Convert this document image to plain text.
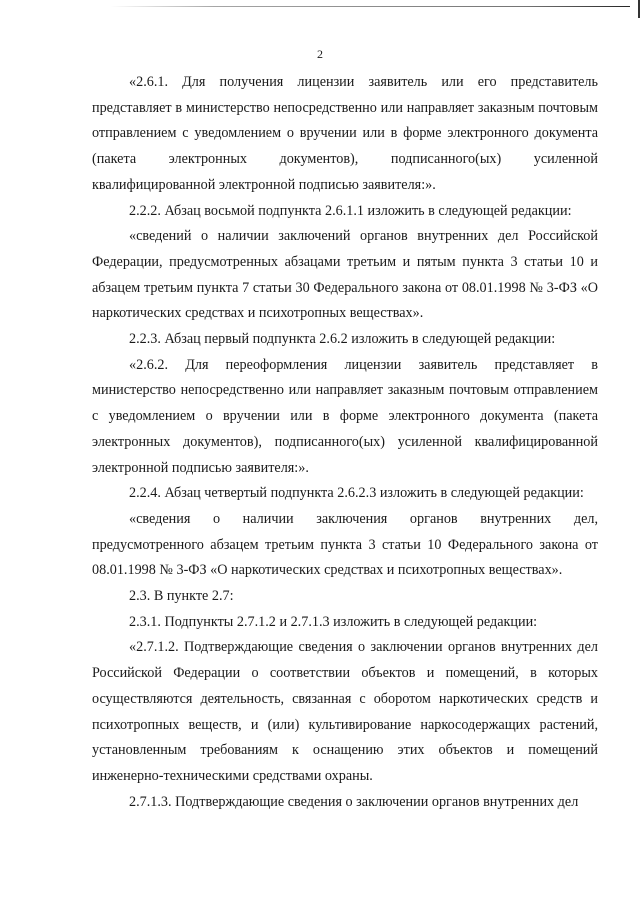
2

«2.6.1. Для получения лицензии заявитель или его представитель представляет в министерство непосредственно или направляет заказным почтовым отправлением с уведомлением о вручении или в форме электронного документа (пакета электронных документов), подписанного(ых) усиленной квалифицированной электронной подписью заявителя:».

2.2.2. Абзац восьмой подпункта 2.6.1.1 изложить в следующей редакции:

«сведений о наличии заключений органов внутренних дел Российской Федерации, предусмотренных абзацами третьим и пятым пункта 3 статьи 10 и абзацем третьим пункта 7 статьи 30 Федерального закона от 08.01.1998 № 3-ФЗ «О наркотических средствах и психотропных веществах».

2.2.3. Абзац первый подпункта 2.6.2 изложить в следующей редакции:

«2.6.2. Для переоформления лицензии заявитель представляет в министерство непосредственно или направляет заказным почтовым отправлением с уведомлением о вручении или в форме электронного документа (пакета электронных документов), подписанного(ых) усиленной квалифицированной электронной подписью заявителя:».

2.2.4. Абзац четвертый подпункта 2.6.2.3 изложить в следующей редакции:

«сведения о наличии заключения органов внутренних дел, предусмотренного абзацем третьим пункта 3 статьи 10 Федерального закона от 08.01.1998 № 3-ФЗ «О наркотических средствах и психотропных веществах».

2.3. В пункте 2.7:

2.3.1. Подпункты 2.7.1.2 и 2.7.1.3 изложить в следующей редакции:

«2.7.1.2. Подтверждающие сведения о заключении органов внутренних дел Российской Федерации о соответствии объектов и помещений, в которых осуществляются деятельность, связанная с оборотом наркотических средств и психотропных веществ, и (или) культивирование наркосодержащих растений, установленным требованиям к оснащению этих объектов и помещений инженерно-техническими средствами охраны.

2.7.1.3. Подтверждающие сведения о заключении органов внутренних дел
